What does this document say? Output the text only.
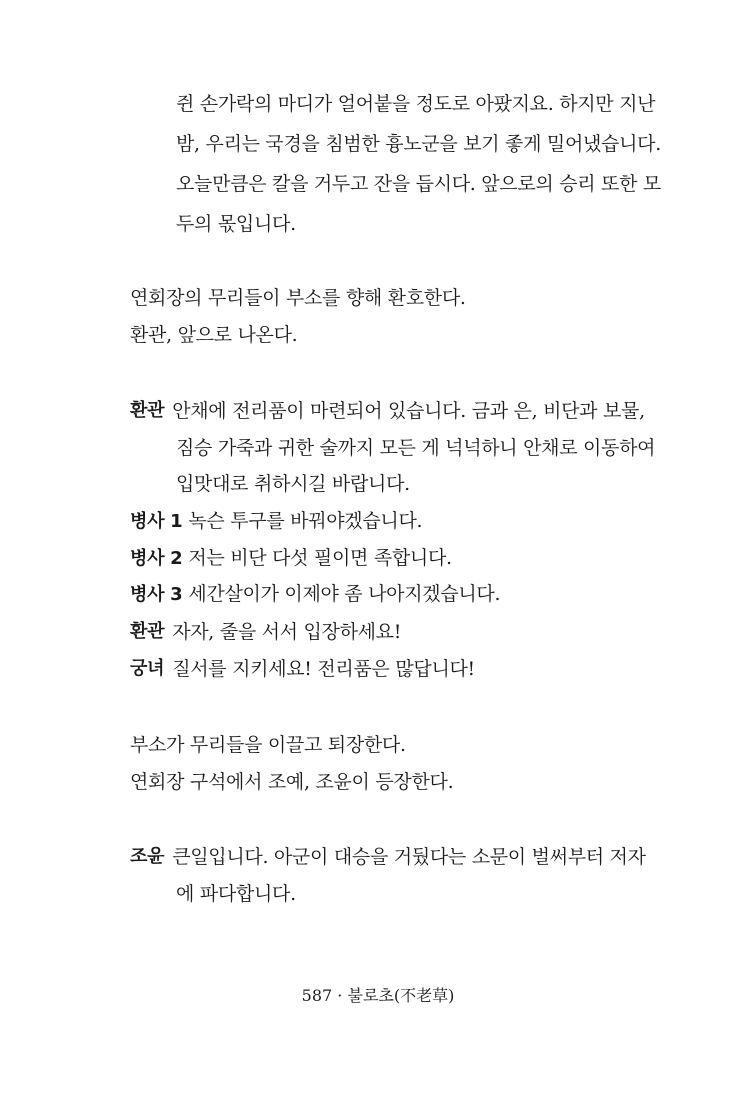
쥔 손가락의 마디가 얼어붙을 정도로 아팠지요. 하지만 지난
밤, 우리는 국경을 침범한 흉노군을 보기 좋게 밀어냈습니다.
오늘만큼은 칼을 거두고 잔을 듭시다. 앞으로의 승리 또한 모
두의 몫입니다.
연회장의 무리들이 부소를 향해 환호한다.
환관, 앞으로 나온다.
환관 안채에 전리품이 마련되어 있습니다. 금과 은, 비단과 보물,
짐승 가죽과 귀한 술까지 모든 게 넉넉하니 안채로 이동하여
입맛대로 취하시길 바랍니다.
병사 1 녹슨 투구를 바꿔야겠습니다.
병사 2 저는 비단 다섯 필이면 족합니다.
병사 3 세간살이가 이제야 좀 나아지겠습니다.
환관 자자, 줄을 서서 입장하세요!
궁녀 질서를 지키세요! 전리품은 많답니다!
부소가 무리들을 이끌고 퇴장한다.
연회장 구석에서 조예, 조윤이 등장한다.
조윤 큰일입니다. 아군이 대승을 거뒀다는 소문이 벌써부터 저자
에 파다합니다.
587 · 불로초(不老草)
